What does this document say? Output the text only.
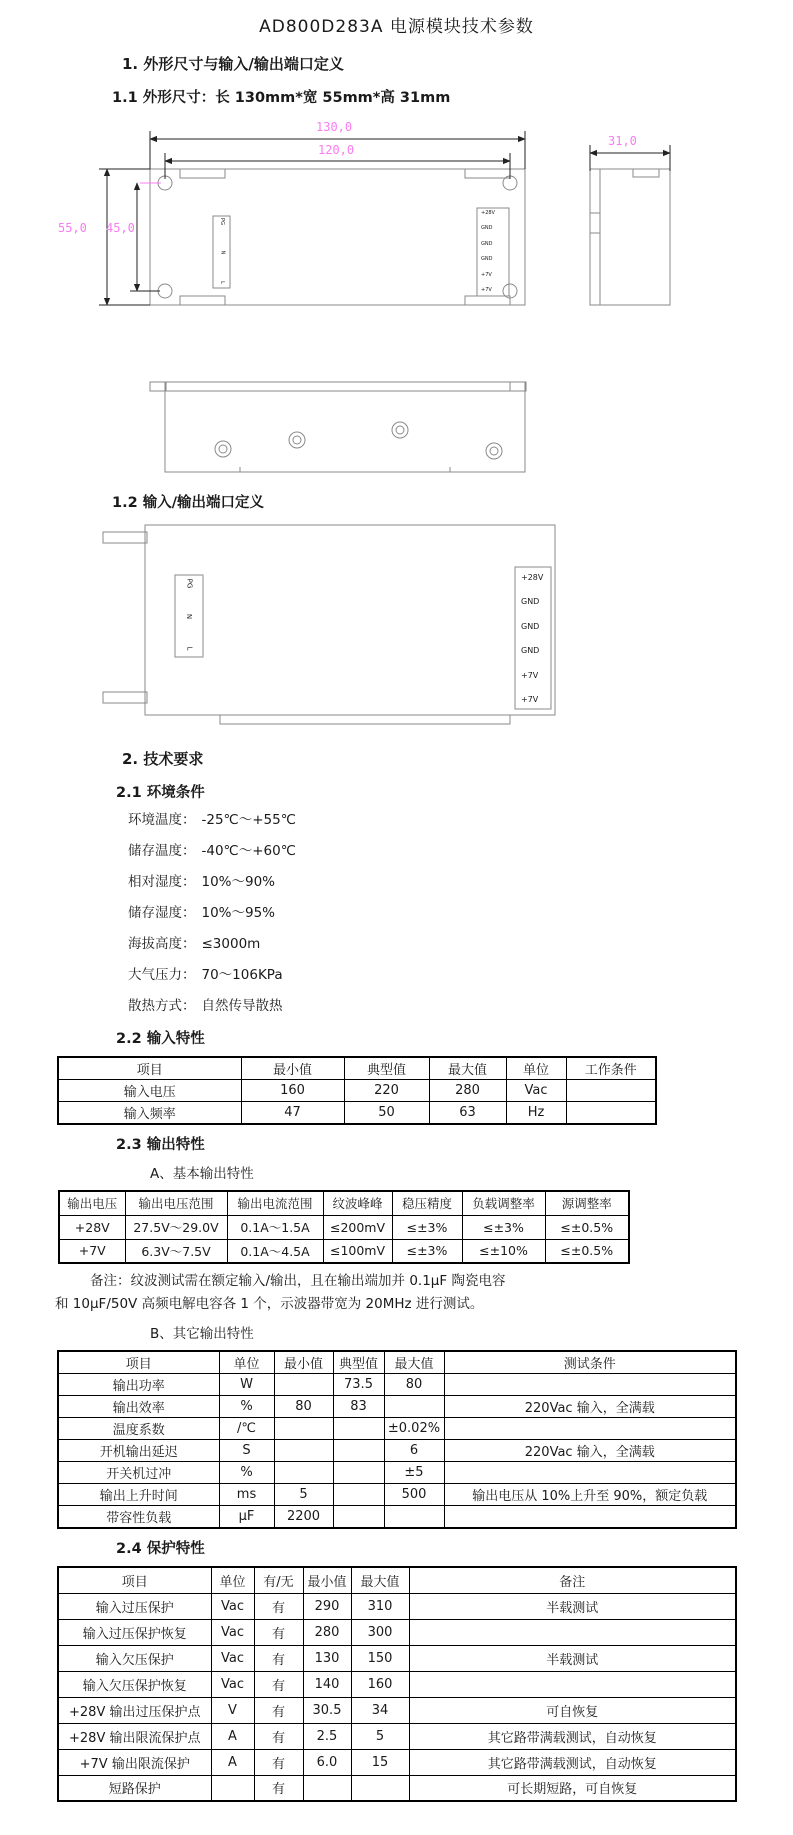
AD800D283A 电源模块技术参数
1. 外形尺寸与输入/输出端口定义
1.1 外形尺寸：长 130mm*宽 55mm*高 31mm
130,0
120,0
55,0 45,0
31,0
+28V
GND
GND
GND
+7V
+7V
PG
N
L
1.2 输入/输出端口定义
PG
N
L
+28V
GND
GND
GND
+7V
+7V
2. 技术要求
2.1 环境条件
环境温度： -25℃～+55℃
储存温度： -40℃～+60℃
相对湿度： 10%～90%
储存湿度： 10%～95%
海拔高度： ≤3000m
大气压力： 70～106KPa
散热方式： 自然传导散热
2.2 输入特性
项目	最小值	典型值	最大值	单位	工作条件
输入电压	160	220	280	Vac	
输入频率	47	50	63	Hz	
2.3 输出特性
A、基本输出特性
输出电压	输出电压范围	输出电流范围	纹波峰峰	稳压精度	负载调整率	源调整率
+28V	27.5V～29.0V	0.1A～1.5A	≤200mV	≤±3%	≤±3%	≤±0.5%
+7V	6.3V～7.5V	0.1A～4.5A	≤100mV	≤±3%	≤±10%	≤±0.5%
备注：纹波测试需在额定输入/输出，且在输出端加并 0.1μF 陶瓷电容
和 10μF/50V 高频电解电容各 1 个，示波器带宽为 20MHz 进行测试。
B、其它输出特性
项目	单位	最小值	典型值	最大值	测试条件
输出功率	W		73.5	80	
输出效率	%	80	83		220Vac 输入，全满载
温度系数	/℃			±0.02%	
开机输出延迟	S			6	220Vac 输入，全满载
开关机过冲	%			±5	
输出上升时间	ms	5		500	输出电压从 10%上升至 90%，额定负载
带容性负载	μF	2200			
2.4 保护特性
项目	单位	有/无	最小值	最大值	备注
输入过压保护	Vac	有	290	310	半载测试
输入过压保护恢复	Vac	有	280	300	
输入欠压保护	Vac	有	130	150	半载测试
输入欠压保护恢复	Vac	有	140	160	
+28V 输出过压保护点	V	有	30.5	34	可自恢复
+28V 输出限流保护点	A	有	2.5	5	其它路带满载测试，自动恢复
+7V 输出限流保护	A	有	6.0	15	其它路带满载测试，自动恢复
短路保护		有			可长期短路，可自恢复
